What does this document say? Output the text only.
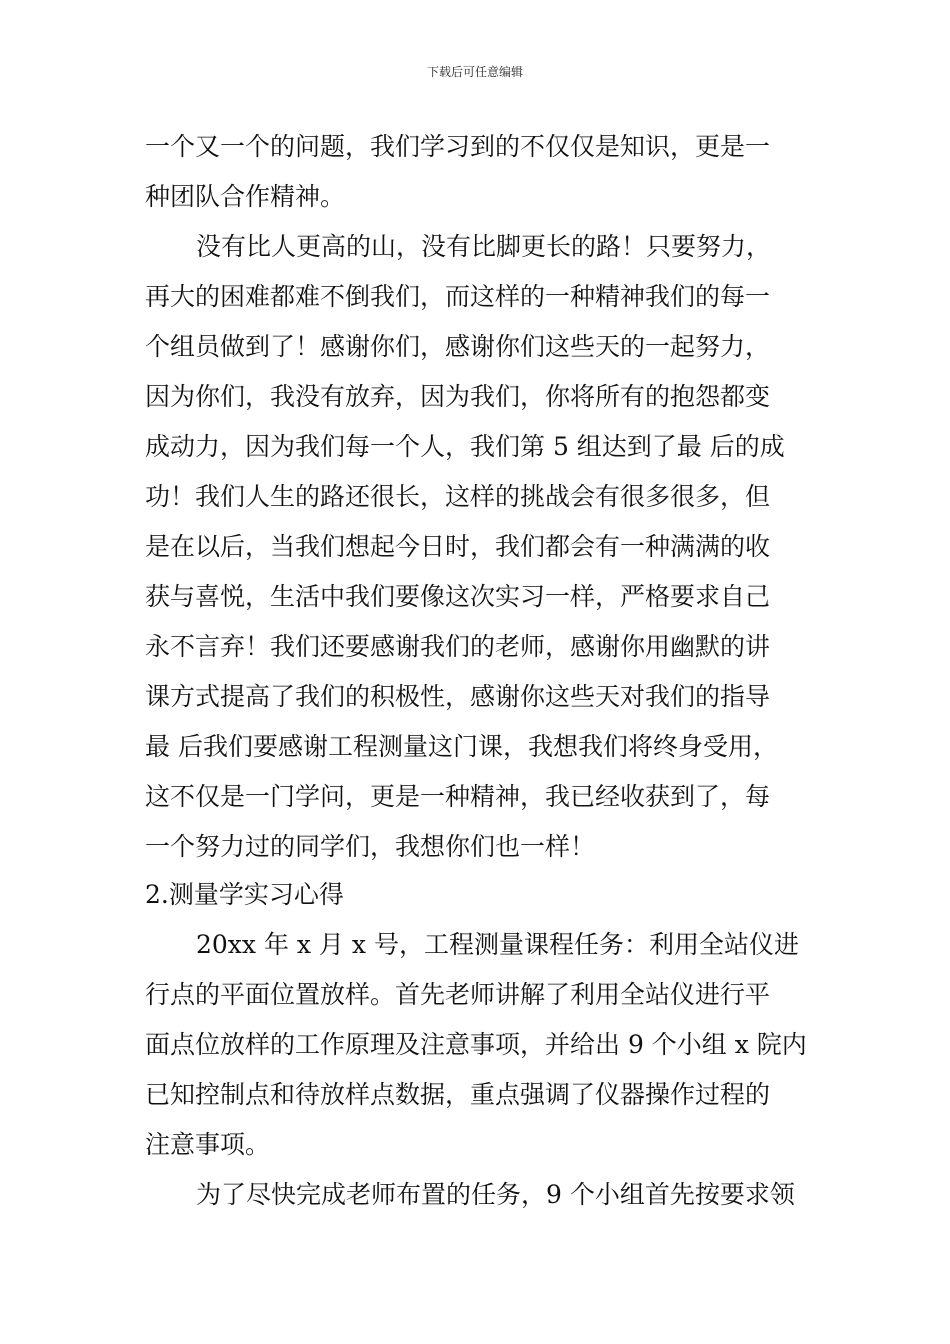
下载后可任意编辑
一个又一个的问题，我们学习到的不仅仅是知识，更是一
种团队合作精神。
没有比人更高的山，没有比脚更长的路！只要努力，
再大的困难都难不倒我们，而这样的一种精神我们的每一
个组员做到了！感谢你们，感谢你们这些天的一起努力，
因为你们，我没有放弃，因为我们，你将所有的抱怨都变
成动力，因为我们每一个人，我们第 5 组达到了最 后的成
功！我们人生的路还很长，这样的挑战会有很多很多，但
是在以后，当我们想起今日时，我们都会有一种满满的收
获与喜悦，生活中我们要像这次实习一样，严格要求自己
永不言弃！我们还要感谢我们的老师，感谢你用幽默的讲
课方式提高了我们的积极性，感谢你这些天对我们的指导
最 后我们要感谢工程测量这门课，我想我们将终身受用，
这不仅是一门学问，更是一种精神，我已经收获到了，每
一个努力过的同学们，我想你们也一样！
2.测量学实习心得
20xx 年 x 月 x 号，工程测量课程任务：利用全站仪进
行点的平面位置放样。首先老师讲解了利用全站仪进行平
面点位放样的工作原理及注意事项，并给出 9 个小组 x 院内
已知控制点和待放样点数据，重点强调了仪器操作过程的
注意事项。
为了尽快完成老师布置的任务，9 个小组首先按要求领
